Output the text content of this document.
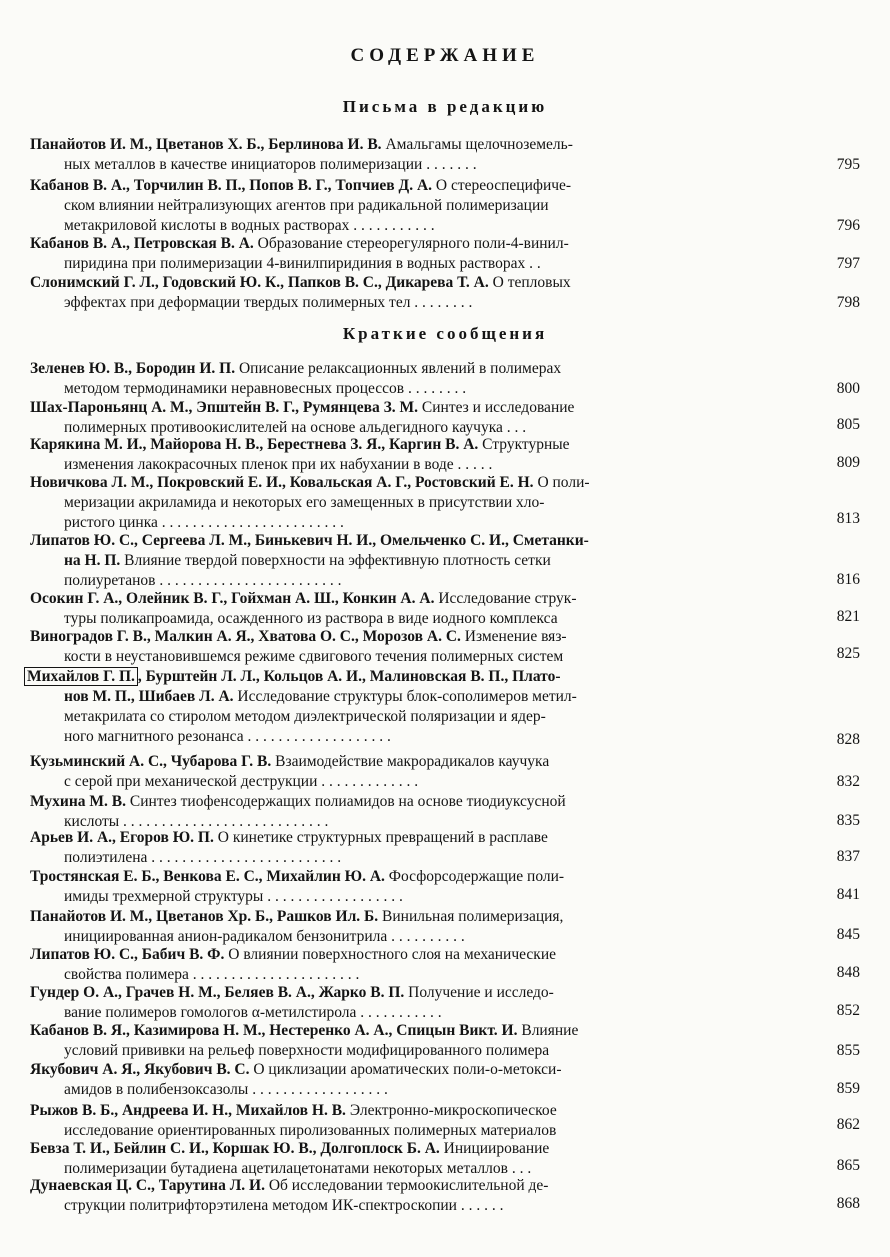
СОДЕРЖАНИЕ
Письма в редакцию
Панайотов И. М., Цветанов Х. Б., Берлинова И. В. Амальгамы щелочноземель-
ных металлов в качестве инициаторов полимеризации . . . . . . .	795
Кабанов В. А., Торчилин В. П., Попов В. Г., Топчиев Д. А. О стереоспецифиче-
ском влиянии нейтрализующих агентов при радикальной полимеризации
метакриловой кислоты в водных растворах . . . . . . . . . . .	796
Кабанов В. А., Петровская В. А. Образование стереорегулярного поли-4-винил-
пиридина при полимеризации 4-винилпиридиния в водных растворах . .	797
Слонимский Г. Л., Годовский Ю. К., Папков В. С., Дикарева Т. А. О тепловых
эффектах при деформации твердых полимерных тел . . . . . . . .	798
Краткие сообщения
Зеленев Ю. В., Бородин И. П. Описание релаксационных явлений в полимерах
методом термодинамики неравновесных процессов . . . . . . . .	800
Шах-Пароньянц А. М., Эпштейн В. Г., Румянцева З. М. Синтез и исследование
полимерных противоокислителей на основе альдегидного каучука . . .	805
Карякина М. И., Майорова Н. В., Берестнева З. Я., Каргин В. А. Структурные
изменения лакокрасочных пленок при их набухании в воде . . . . .	809
Новичкова Л. М., Покровский Е. И., Ковальская А. Г., Ростовский Е. Н. О поли-
меризации акриламида и некоторых его замещенных в присутствии хло-
ристого цинка . . . . . . . . . . . . . . . . . . . . . . . .	813
Липатов Ю. С., Сергеева Л. М., Бинькевич Н. И., Омельченко С. И., Сметанки-
на Н. П. Влияние твердой поверхности на эффективную плотность сетки
полиуретанов . . . . . . . . . . . . . . . . . . . . . . . .	816
Осокин Г. А., Олейник В. Г., Гойхман А. Ш., Конкин А. А. Исследование струк-
туры поликапроамида, осажденного из раствора в виде иодного комплекса	821
Виноградов Г. В., Малкин А. Я., Хватова О. С., Морозов А. С. Изменение вяз-
кости в неустановившемся режиме сдвигового течения полимерных систем	825
Михайлов Г. П. , Бурштейн Л. Л., Кольцов А. И., Малиновская В. П., Плато-
нов М. П., Шибаев Л. А. Исследование структуры блок-сополимеров метил-
метакрилата со стиролом методом диэлектрической поляризации и ядер-
ного магнитного резонанса . . . . . . . . . . . . . . . . . . .	828
Кузьминский А. С., Чубарова Г. В. Взаимодействие макрорадикалов каучука
с серой при механической деструкции . . . . . . . . . . . . .	832
Мухина М. В. Синтез тиофенсодержащих полиамидов на основе тиодиуксусной
кислоты . . . . . . . . . . . . . . . . . . . . . . . . . . .	835
Арьев И. А., Егоров Ю. П. О кинетике структурных превращений в расплаве
полиэтилена . . . . . . . . . . . . . . . . . . . . . . . . .	837
Тростянская Е. Б., Венкова Е. С., Михайлин Ю. А. Фосфорсодержащие поли-
имиды трехмерной структуры . . . . . . . . . . . . . . . . . .	841
Панайотов И. М., Цветанов Хр. Б., Рашков Ил. Б. Винильная полимеризация,
инициированная анион-радикалом бензонитрила . . . . . . . . . .	845
Липатов Ю. С., Бабич В. Ф. О влиянии поверхностного слоя на механические
свойства полимера . . . . . . . . . . . . . . . . . . . . . .	848
Гундер О. А., Грачев Н. М., Беляев В. А., Жарко В. П. Получение и исследо-
вание полимеров гомологов α-метилстирола . . . . . . . . . . .	852
Кабанов В. Я., Казимирова Н. М., Нестеренко А. А., Спицын Викт. И. Влияние
условий прививки на рельеф поверхности модифицированного полимера	855
Якубович А. Я., Якубович В. С. О циклизации ароматических поли-о-метокси-
амидов в полибензоксазолы . . . . . . . . . . . . . . . . . .	859
Рыжов В. Б., Андреева И. Н., Михайлов Н. В. Электронно-микроскопическое
исследование ориентированных пиролизованных полимерных материалов	862
Бевза Т. И., Бейлин С. И., Коршак Ю. В., Долгоплоск Б. А. Инициирование
полимеризации бутадиена ацетилацетонатами некоторых металлов . . .	865
Дунаевская Ц. С., Тарутина Л. И. Об исследовании термоокислительной де-
струкции политрифторэтилена методом ИК-спектроскопии . . . . . .	868
